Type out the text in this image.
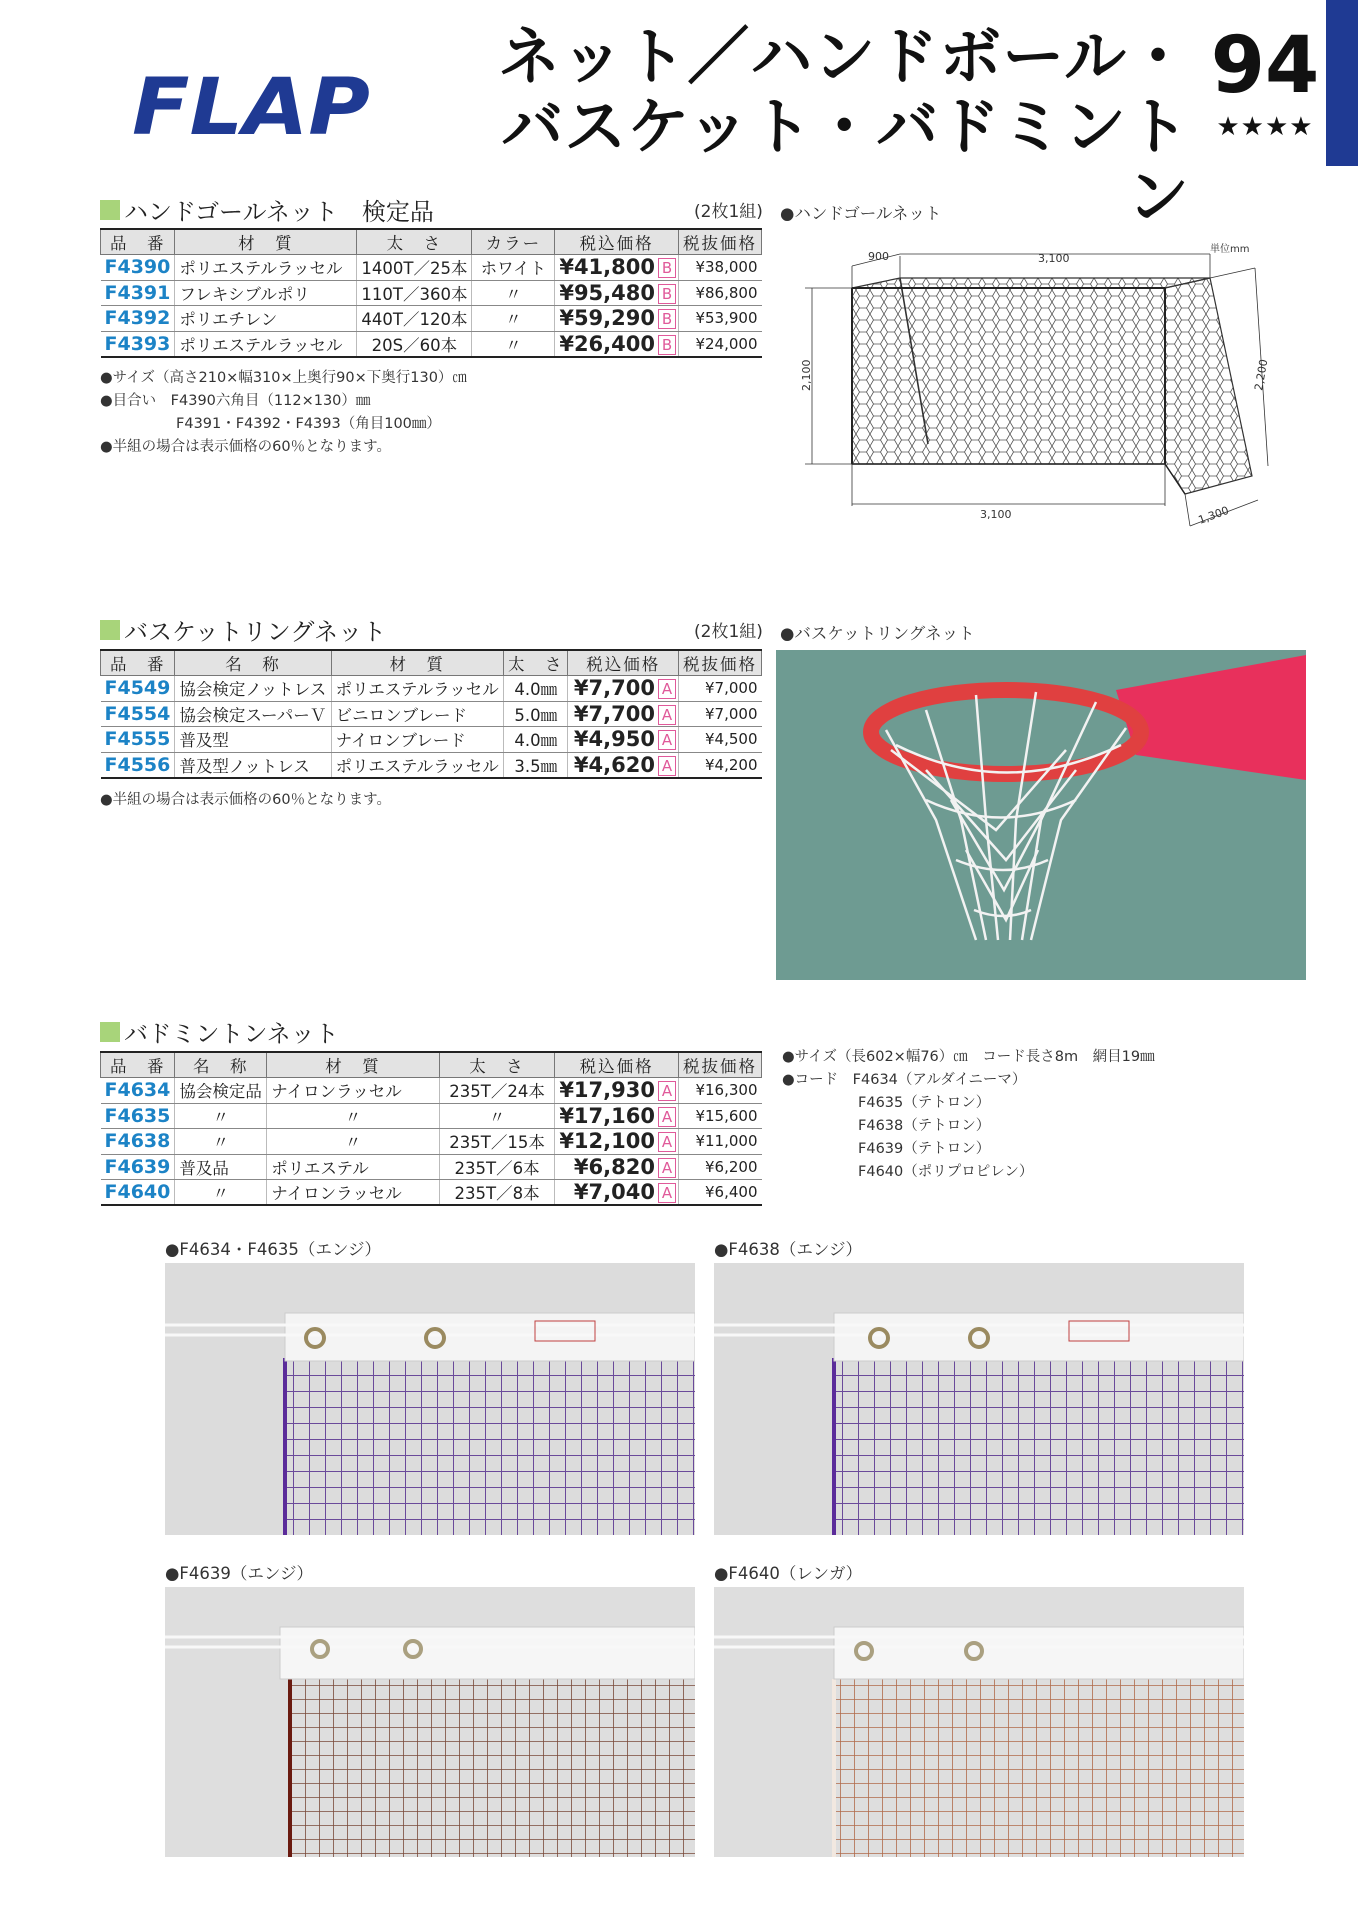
FLAP
ネット／ハンドボール・
バスケット・バドミントン
94
★★★★
ハンドゴールネット　検定品	(2枚1組)
品　番	材　質	太　さ	カラー	税込価格	税抜価格
F4390	ポリエステルラッセル	1400T／25本	ホワイト	¥41,800 B	¥38,000
F4391	フレキシブルポリ	110T／360本	〃	¥95,480 B	¥86,800
F4392	ポリエチレン	440T／120本	〃	¥59,290 B	¥53,900
F4393	ポリエステルラッセル	20S／60本	〃	¥26,400 B	¥24,000
●サイズ（高さ210×幅310×上奥行90×下奥行130）㎝
●目合い　F4390六角目（112×130）㎜
F4391・F4392・F4393（角目100㎜）
●半組の場合は表示価格の60％となります。
●ハンドゴールネット
900	3,100
単位mm
2,100	2,200
3,100	1,300
バスケットリングネット	(2枚1組)
品　番	名　称	材　質	太　さ	税込価格	税抜価格
F4549	協会検定ノットレス	ポリエステルラッセル	4.0㎜	¥7,700 A	¥7,000
F4554	協会検定スーパーＶ	ビニロンブレード	5.0㎜	¥7,700 A	¥7,000
F4555	普及型	ナイロンブレード	4.0㎜	¥4,950 A	¥4,500
F4556	普及型ノットレス	ポリエステルラッセル	3.5㎜	¥4,620 A	¥4,200
●半組の場合は表示価格の60％となります。
●バスケットリングネット
バドミントンネット
品　番	名　称	材　質	太　さ	税込価格	税抜価格
F4634	協会検定品	ナイロンラッセル	235T／24本	¥17,930 A	¥16,300
F4635	〃	〃	〃	¥17,160 A	¥15,600
F4638	〃	〃	235T／15本	¥12,100 A	¥11,000
F4639	普及品	ポリエステル	235T／6本	¥6,820 A	¥6,200
F4640	〃	ナイロンラッセル	235T／8本	¥7,040 A	¥6,400
●サイズ（長602×幅76）㎝　コード長さ8m　網目19㎜
●コード　F4634（アルダイニーマ）
F4635（テトロン）
F4638（テトロン）
F4639（テトロン）
F4640（ポリプロピレン）
●F4634・F4635（エンジ）	●F4638（エンジ）
●F4639（エンジ）	●F4640（レンガ）
